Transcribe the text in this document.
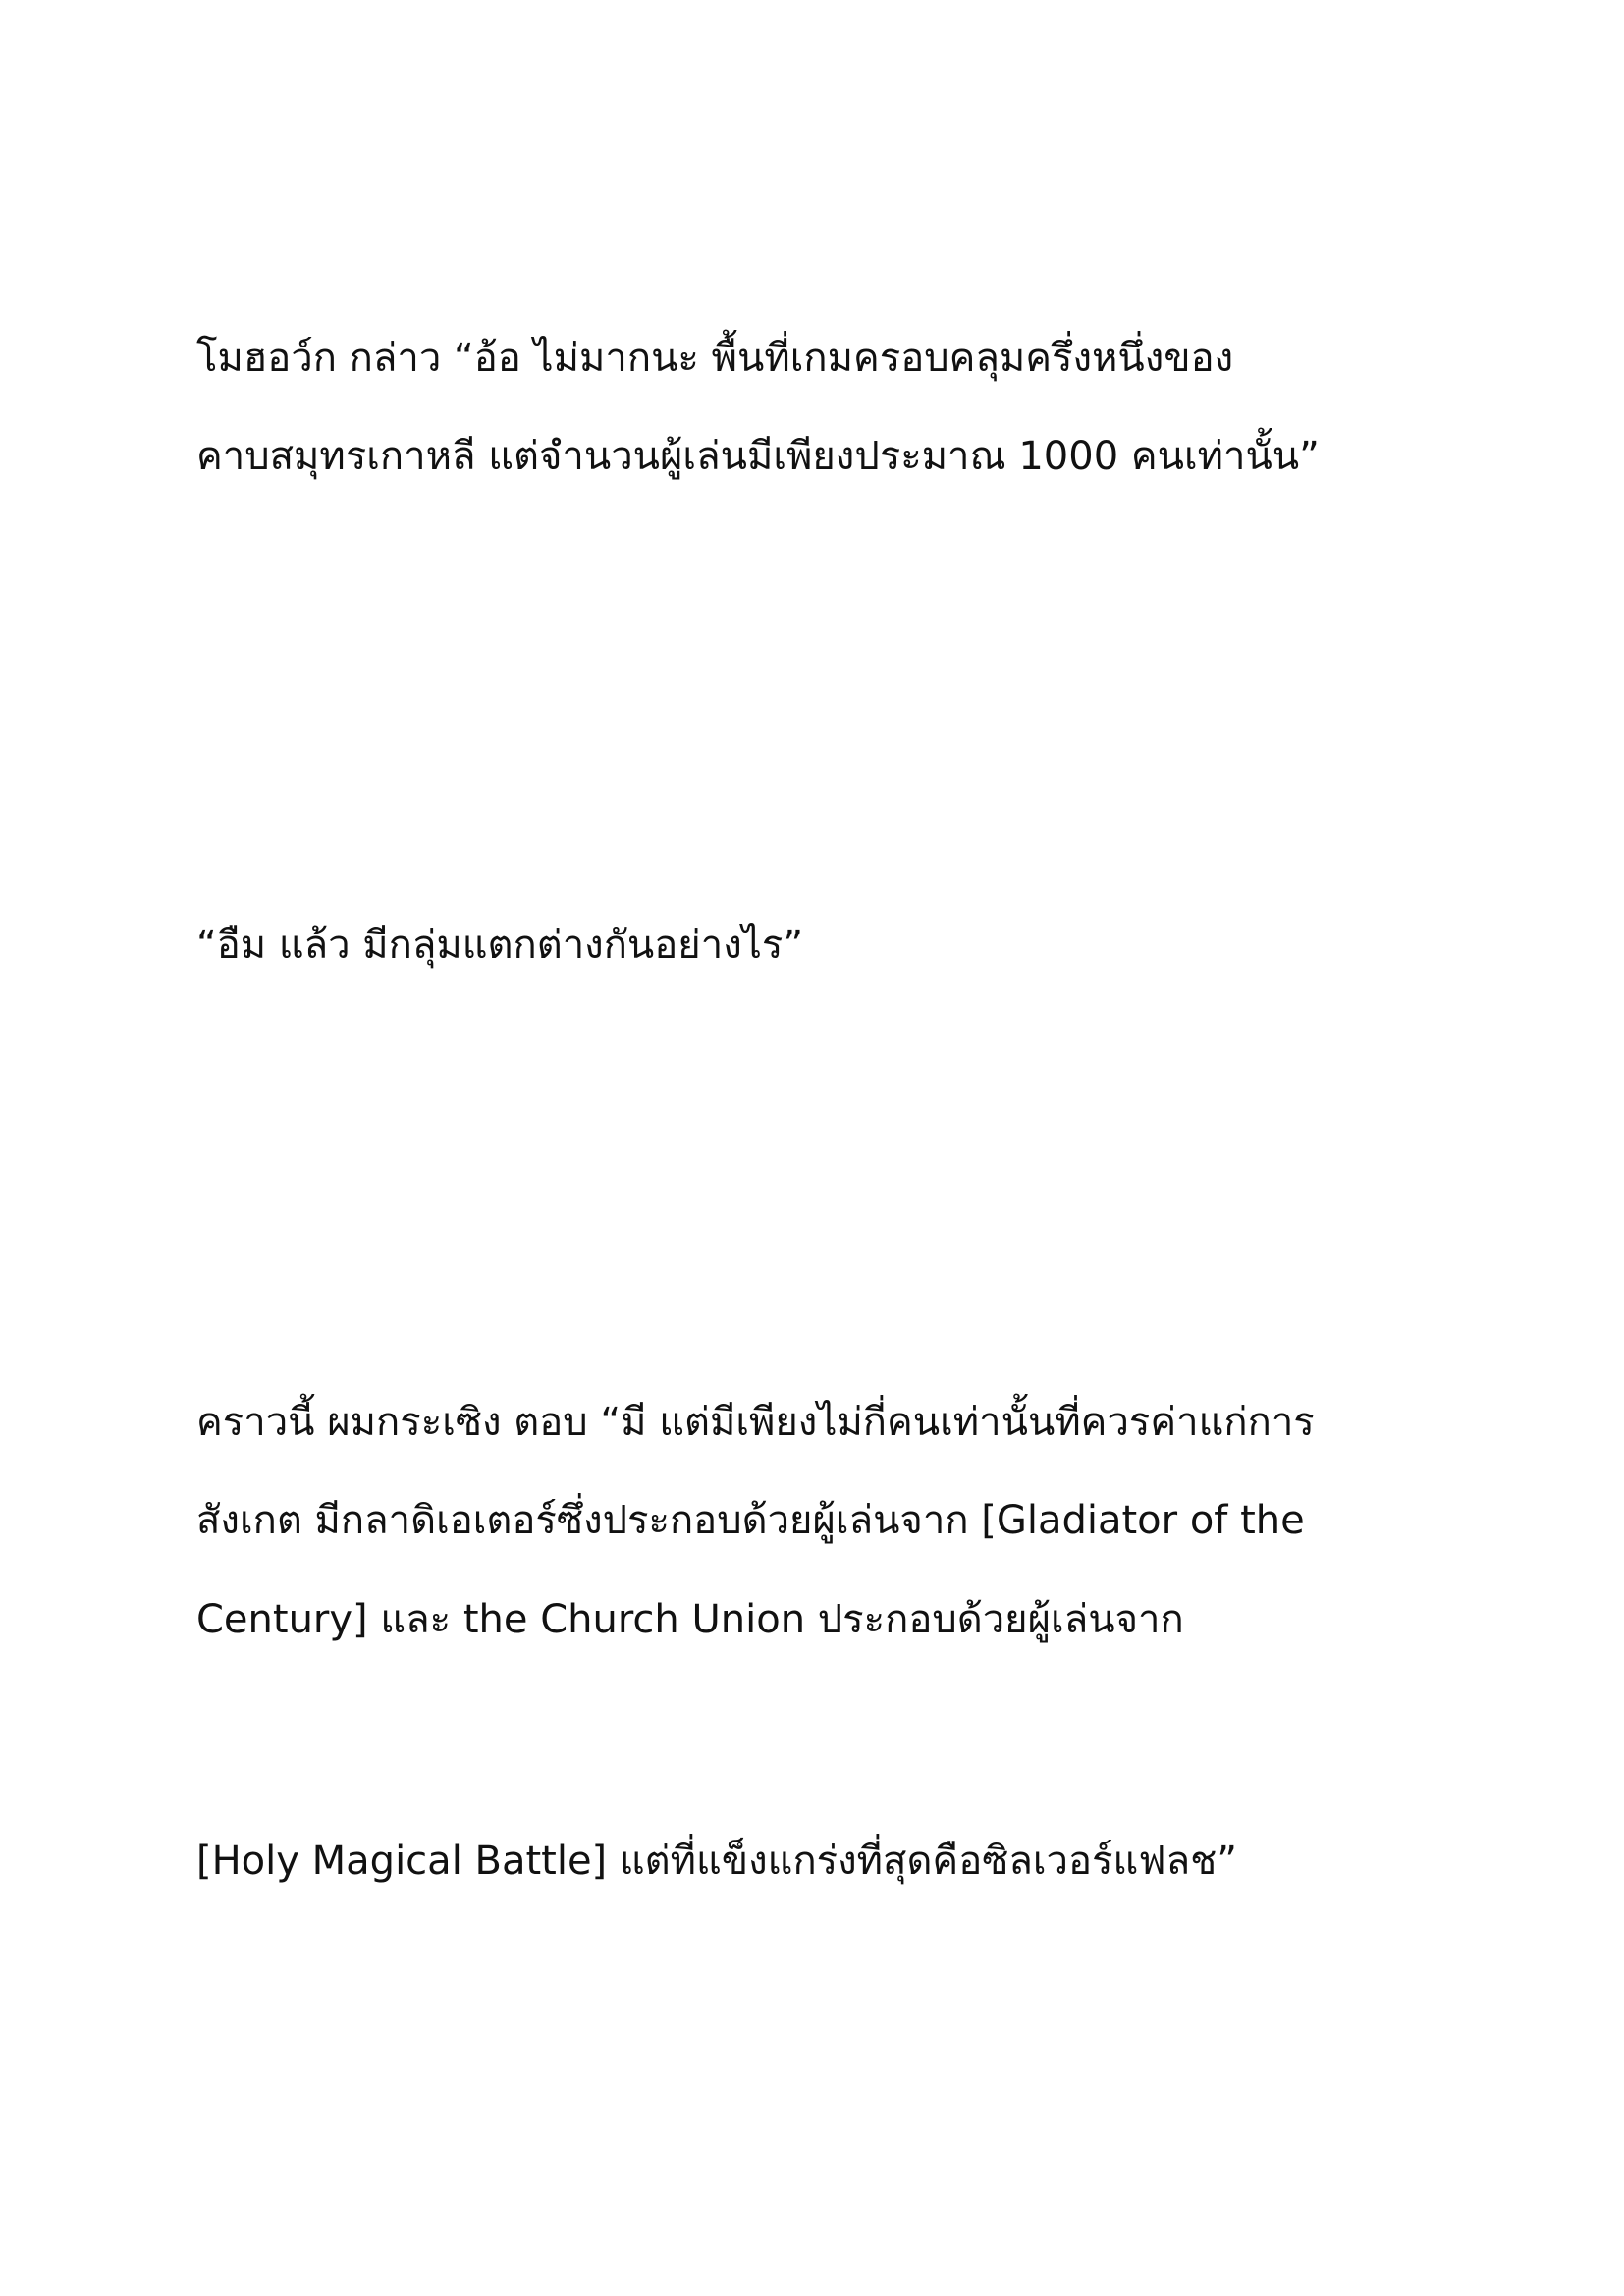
โมฮอว์ก กล่าว “อ้อ ไม่มากนะ พื้นที่เกมครอบคลุมครึ่งหนึ่งของ
คาบสมุทรเกาหลี แต่จำนวนผู้เล่นมีเพียงประมาณ 1000 คนเท่านั้น”
“อืม แล้ว มีกลุ่มแตกต่างกันอย่างไร”
คราวนี้ ผมกระเซิง ตอบ “มี แต่มีเพียงไม่กี่คนเท่านั้นที่ควรค่าแก่การ
สังเกต มีกลาดิเอเตอร์ซึ่งประกอบด้วยผู้เล่นจาก [Gladiator of the
Century] และ the Church Union ประกอบด้วยผู้เล่นจาก
[Holy Magical Battle] แต่ที่แข็งแกร่งที่สุดคือซิลเวอร์แฟลช”
